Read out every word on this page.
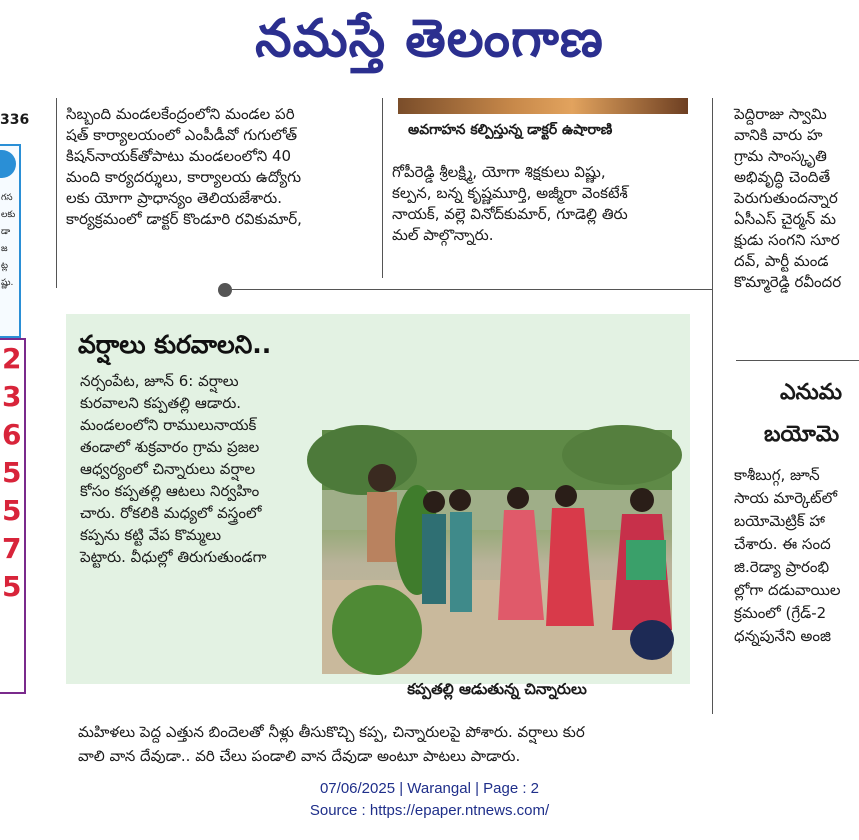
నమస్తే తెలంగాణ
336
గస
లకు
డా
జ
ట్ల
ష్ణు.
2
3
6
5
5
7
5
సిబ్బంది మండలకేంద్రంలోని మండల పరి
షత్ కార్యాలయంలో ఎంపీడీవో గుగులోత్
కిషన్‌నాయక్‌తోపాటు మండలంలోని 40
మంది కార్యదర్శులు, కార్యాలయ ఉద్యోగు
లకు యోగా ప్రాధాన్యం తెలియజేశారు.
కార్యక్రమంలో డాక్టర్ కొండూరి రవికుమార్,
అవగాహన కల్పిస్తున్న డాక్టర్ ఉషారాణి
గోపీరెడ్డి శ్రీలక్ష్మి, యోగా శిక్షకులు విష్ణు,
కల్పన, బన్న కృష్ణమూర్తి, అజ్మీరా వెంకటేశ్
నాయక్, వల్లె వినోద్‌కుమార్, గూడెల్లి తిరు
మల్ పాల్గొన్నారు.
వర్షాలు కురవాలని..
నర్సంపేట, జూన్ 6: వర్షాలు
కురవాలని కప్పతల్లి ఆడారు.
మండలంలోని రాములునాయక్
తండాలో శుక్రవారం గ్రామ ప్రజల
ఆధ్వర్యంలో చిన్నారులు వర్షాల
కోసం కప్పతల్లి ఆటలు నిర్వహిం
చారు. రోకలికి మధ్యలో వస్త్రంలో
కప్పను కట్టి వేప కొమ్మలు
పెట్టారు. వీధుల్లో తిరుగుతుండగా
కప్పతల్లి ఆడుతున్న చిన్నారులు
మహిళలు పెద్ద ఎత్తున బిందెలతో నీళ్లు తీసుకొచ్చి కప్ప, చిన్నారులపై పోశారు. వర్షాలు కుర
వాలి వాన దేవుడా.. వరి చేలు పండాలి వాన దేవుడా అంటూ పాటలు పాడారు.
పెద్దిరాజు స్వామి
వానికి వారు హ
గ్రామ సాంస్కృతి
అభివృద్ధి చెందితే
పెరుగుతుందన్నార
ఏసీఎస్ చైర్మన్ మ
క్షుడు సంగని సూర
దవ్, పార్టీ మండ
కొమ్మారెడ్డి రవీందర
ఎనుమ
బయోమె
కాశీబుగ్గ, జూన్
సాయ మార్కెట్‌లో
బయోమెట్రిక్ హా
చేశారు. ఈ సంద
జి.రెడ్యా ప్రారంభి
ల్లోగా దడువాయిల
క్రమంలో (గ్రేడ్-2
ధన్నపునేని అంజి
07/06/2025 | Warangal | Page : 2
Source : https://epaper.ntnews.com/
